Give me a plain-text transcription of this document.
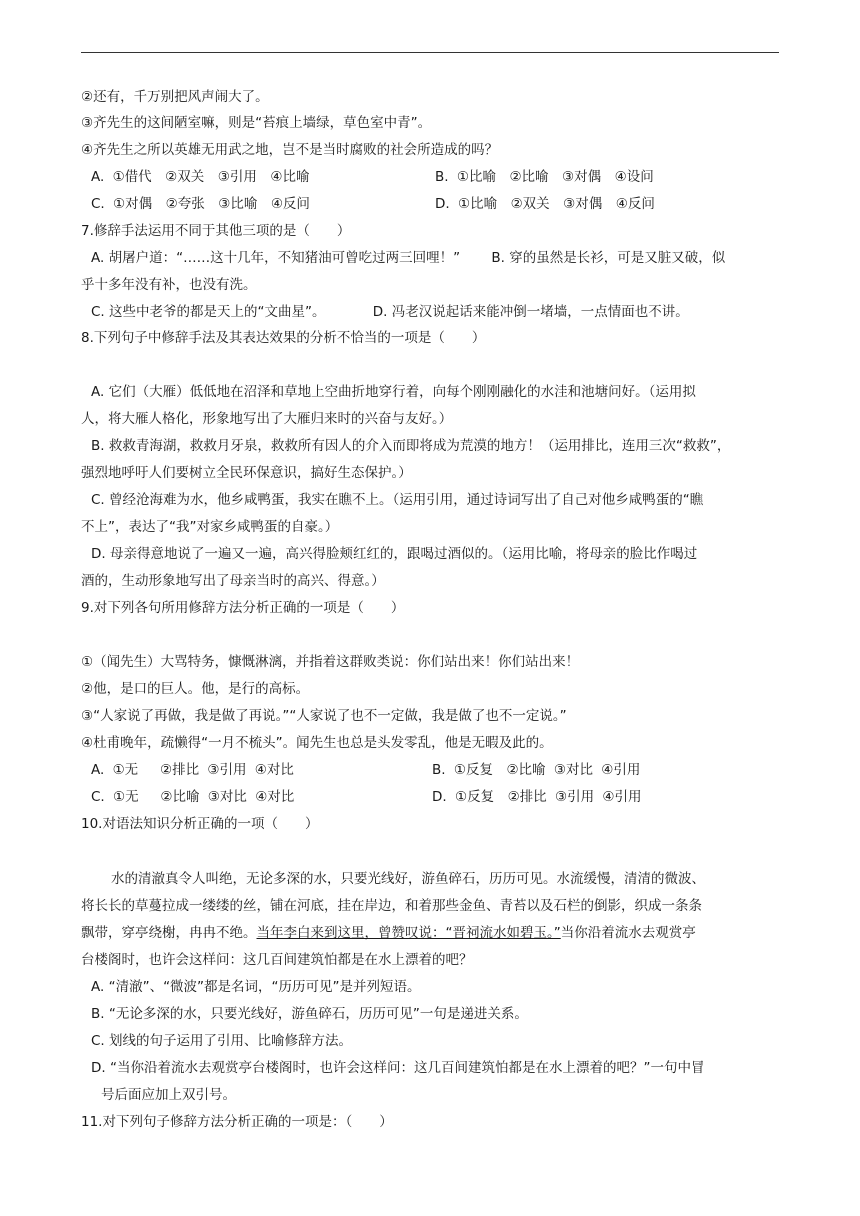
②还有，千万别把风声闹大了。
③齐先生的这间陋室嘛，则是“苔痕上墙绿，草色室中青”。
④齐先生之所以英雄无用武之地，岂不是当时腐败的社会所造成的吗？
A. ①借代　②双关　③引用　④比喻	B. ①比喻　②比喻　③对偶　④设问
C. ①对偶　②夸张　③比喻　④反问	D. ①比喻　②双关　③对偶　④反问
7.修辞手法运用不同于其他三项的是（　　）
A. 胡屠户道：“……这十几年，不知猪油可曾吃过两三回哩！”　　 B. 穿的虽然是长衫，可是又脏又破，似
乎十多年没有补，也没有洗。
C. 这些中老爷的都是天上的“文曲星”。　　　　D. 冯老汉说起话来能冲倒一堵墙，一点情面也不讲。
8.下列句子中修辞手法及其表达效果的分析不恰当的一项是（　　）
A. 它们（大雁）低低地在沼泽和草地上空曲折地穿行着，向每个刚刚融化的水洼和池塘问好。（运用拟
人，将大雁人格化，形象地写出了大雁归来时的兴奋与友好。）
B. 救救青海湖，救救月牙泉，救救所有因人的介入而即将成为荒漠的地方！（运用排比，连用三次“救救”，
强烈地呼吁人们要树立全民环保意识，搞好生态保护。）
C. 曾经沧海难为水，他乡咸鸭蛋，我实在瞧不上。（运用引用，通过诗词写出了自己对他乡咸鸭蛋的“瞧
不上”，表达了“我”对家乡咸鸭蛋的自豪。）
D. 母亲得意地说了一遍又一遍，高兴得脸颊红红的，跟喝过酒似的。（运用比喻，将母亲的脸比作喝过
酒的，生动形象地写出了母亲当时的高兴、得意。）
9.对下列各句所用修辞方法分析正确的一项是（　　）
①（闻先生）大骂特务，慷慨淋漓，并指着这群败类说：你们站出来！你们站出来！
②他，是口的巨人。他，是行的高标。
③“人家说了再做，我是做了再说。”“人家说了也不一定做，我是做了也不一定说。”
④杜甫晚年，疏懒得“一月不梳头”。闻先生也总是头发零乱，他是无暇及此的。
A. ①无　 ②排比 ③引用 ④对比	B. ①反复　②比喻 ③对比 ④引用
C. ①无　 ②比喻 ③对比 ④对比	D. ①反复　②排比 ③引用 ④引用
10.对语法知识分析正确的一项（　　）
水的清澈真令人叫绝，无论多深的水，只要光线好，游鱼碎石，历历可见。水流缓慢，清清的微波、
将长长的草蔓拉成一缕缕的丝，铺在河底，挂在岸边，和着那些金鱼、青苔以及石栏的倒影，织成一条条
飘带，穿亭绕榭，冉冉不绝。当年李白来到这里，曾赞叹说：“晋祠流水如碧玉。”当你沿着流水去观赏亭
台楼阁时，也许会这样问：这几百间建筑怕都是在水上漂着的吧？
A. “清澈”、“微波”都是名词，“历历可见”是并列短语。
B. “无论多深的水，只要光线好，游鱼碎石，历历可见”一句是递进关系。
C. 划线的句子运用了引用、比喻修辞方法。
D. “当你沿着流水去观赏亭台楼阁时，也许会这样问：这几百间建筑怕都是在水上漂着的吧？”一句中冒
号后面应加上双引号。
11.对下列句子修辞方法分析正确的一项是：（　　）
